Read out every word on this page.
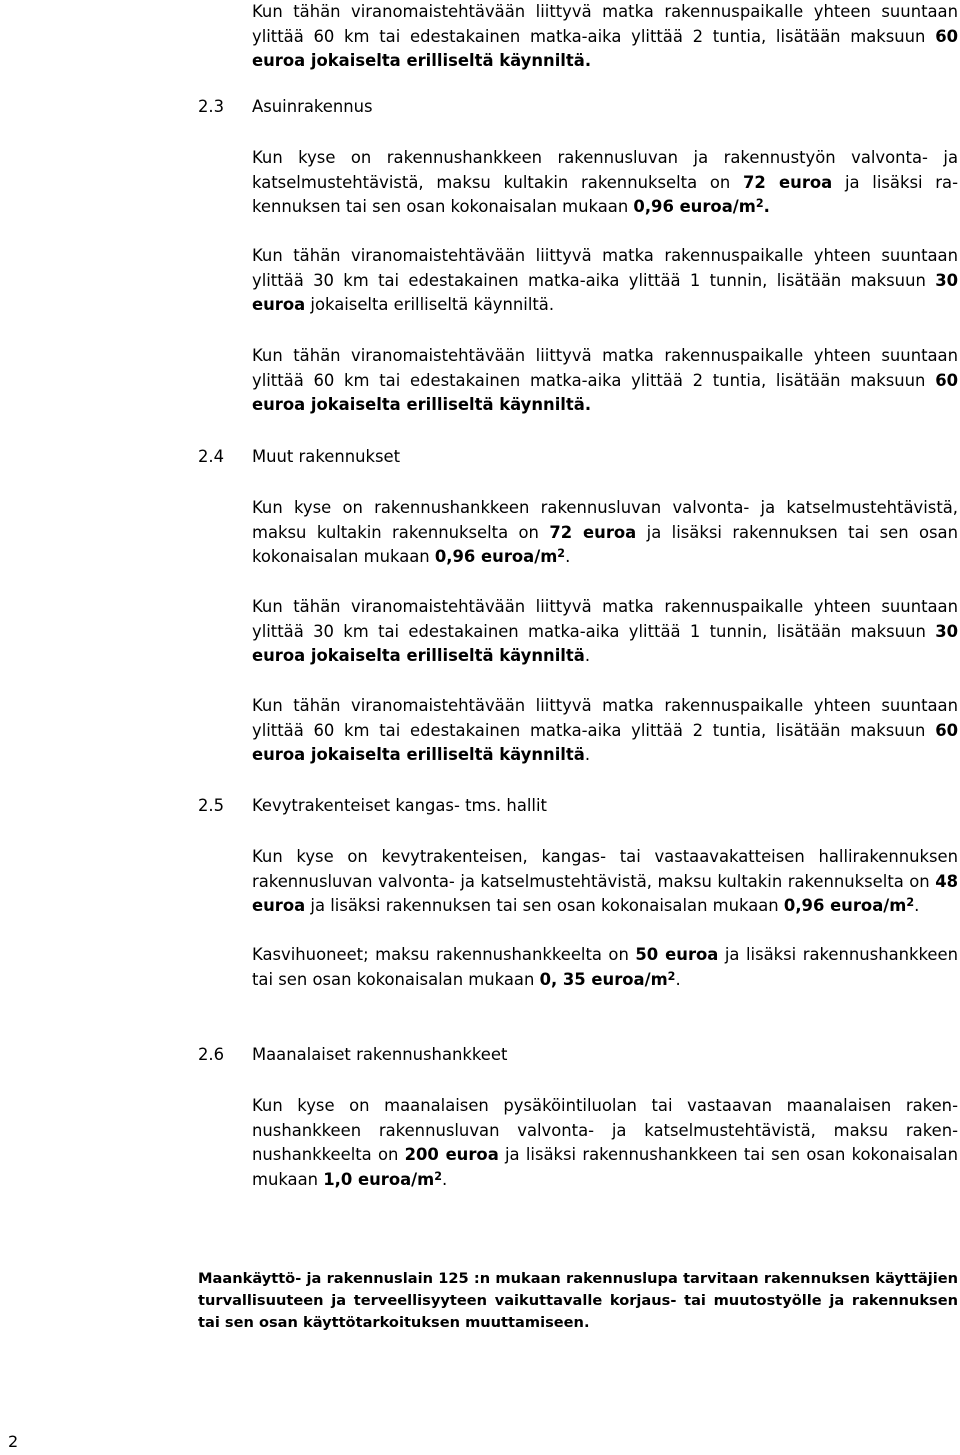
Kun tähän viranomaistehtävään liittyvä matka rakennuspaikalle yhteen suuntaan ylittää 60 km tai edestakainen matka-aika ylittää 2 tuntia, lisätään maksuun 60 euroa jokaiselta erilliseltä käynniltä.

2.3 Asuinrakennus

Kun kyse on rakennushankkeen rakennusluvan ja rakennustyön valvonta- ja katselmustehtävistä, maksu kultakin rakennukselta on 72 euroa ja lisäksi rakennuksen tai sen osan kokonaisalan mukaan 0,96 euroa/$m^2$.

Kun tähän viranomaistehtävään liittyvä matka rakennuspaikalle yhteen suuntaan ylittää 30 km tai edestakainen matka-aika ylittää 1 tunnin, lisätään maksuun 30 euroa jokaiselta erilliseltä käynniltä.

Kun tähän viranomaistehtävään liittyvä matka rakennuspaikalle yhteen suuntaan ylittää 60 km tai edestakainen matka-aika ylittää 2 tuntia, lisätään maksuun 60 euroa jokaiselta erilliseltä käynniltä.

2.4 Muut rakennukset

Kun kyse on rakennushankkeen rakennusluvan valvonta- ja katselmustehtävistä, maksu kultakin rakennukselta on 72 euroa ja lisäksi rakennuksen tai sen osan kokonaisalan mukaan 0,96 euroa/$m^2$.

Kun tähän viranomaistehtävään liittyvä matka rakennuspaikalle yhteen suuntaan ylittää 30 km tai edestakainen matka-aika ylittää 1 tunnin, lisätään maksuun 30 euroa jokaiselta erilliseltä käynniltä.

Kun tähän viranomaistehtävään liittyvä matka rakennuspaikalle yhteen suuntaan ylittää 60 km tai edestakainen matka-aika ylittää 2 tuntia, lisätään maksuun 60 euroa jokaiselta erilliseltä käynniltä.

2.5 Kevytrakenteiset kangas- tms. hallit

Kun kyse on kevytrakenteisen, kangas- tai vastaavakatteisen hallirakennuksen rakennusluvan valvonta- ja katselmustehtävistä, maksu kultakin rakennukselta on 48 euroa ja lisäksi rakennuksen tai sen osan kokonaisalan mukaan 0,96 euroa/$m^2$.

Kasvihuoneet; maksu rakennushankkeelta on 50 euroa ja lisäksi rakennushankkeen tai sen osan kokonaisalan mukaan 0, 35 euroa/$m^2$.

2.6 Maanalaiset rakennushankkeet

Kun kyse on maanalaisen pysäköintiluolan tai vastaavan maanalaisen rakennushankkeen rakennusluvan valvonta- ja katselmustehtävistä, maksu rakennushankkeelta on 200 euroa ja lisäksi rakennushankkeen tai sen osan kokonaisalan mukaan 1,0 euroa/$m^2$.

Maankäyttö- ja rakennuslain 125 :n mukaan rakennuslupa tarvitaan rakennuksen käyttäjien turvallisuuteen ja terveellisyyteen vaikuttavalle korjaus- tai muutostyölle ja rakennuksen tai sen osan käyttötarkoituksen muuttamiseen.

2
